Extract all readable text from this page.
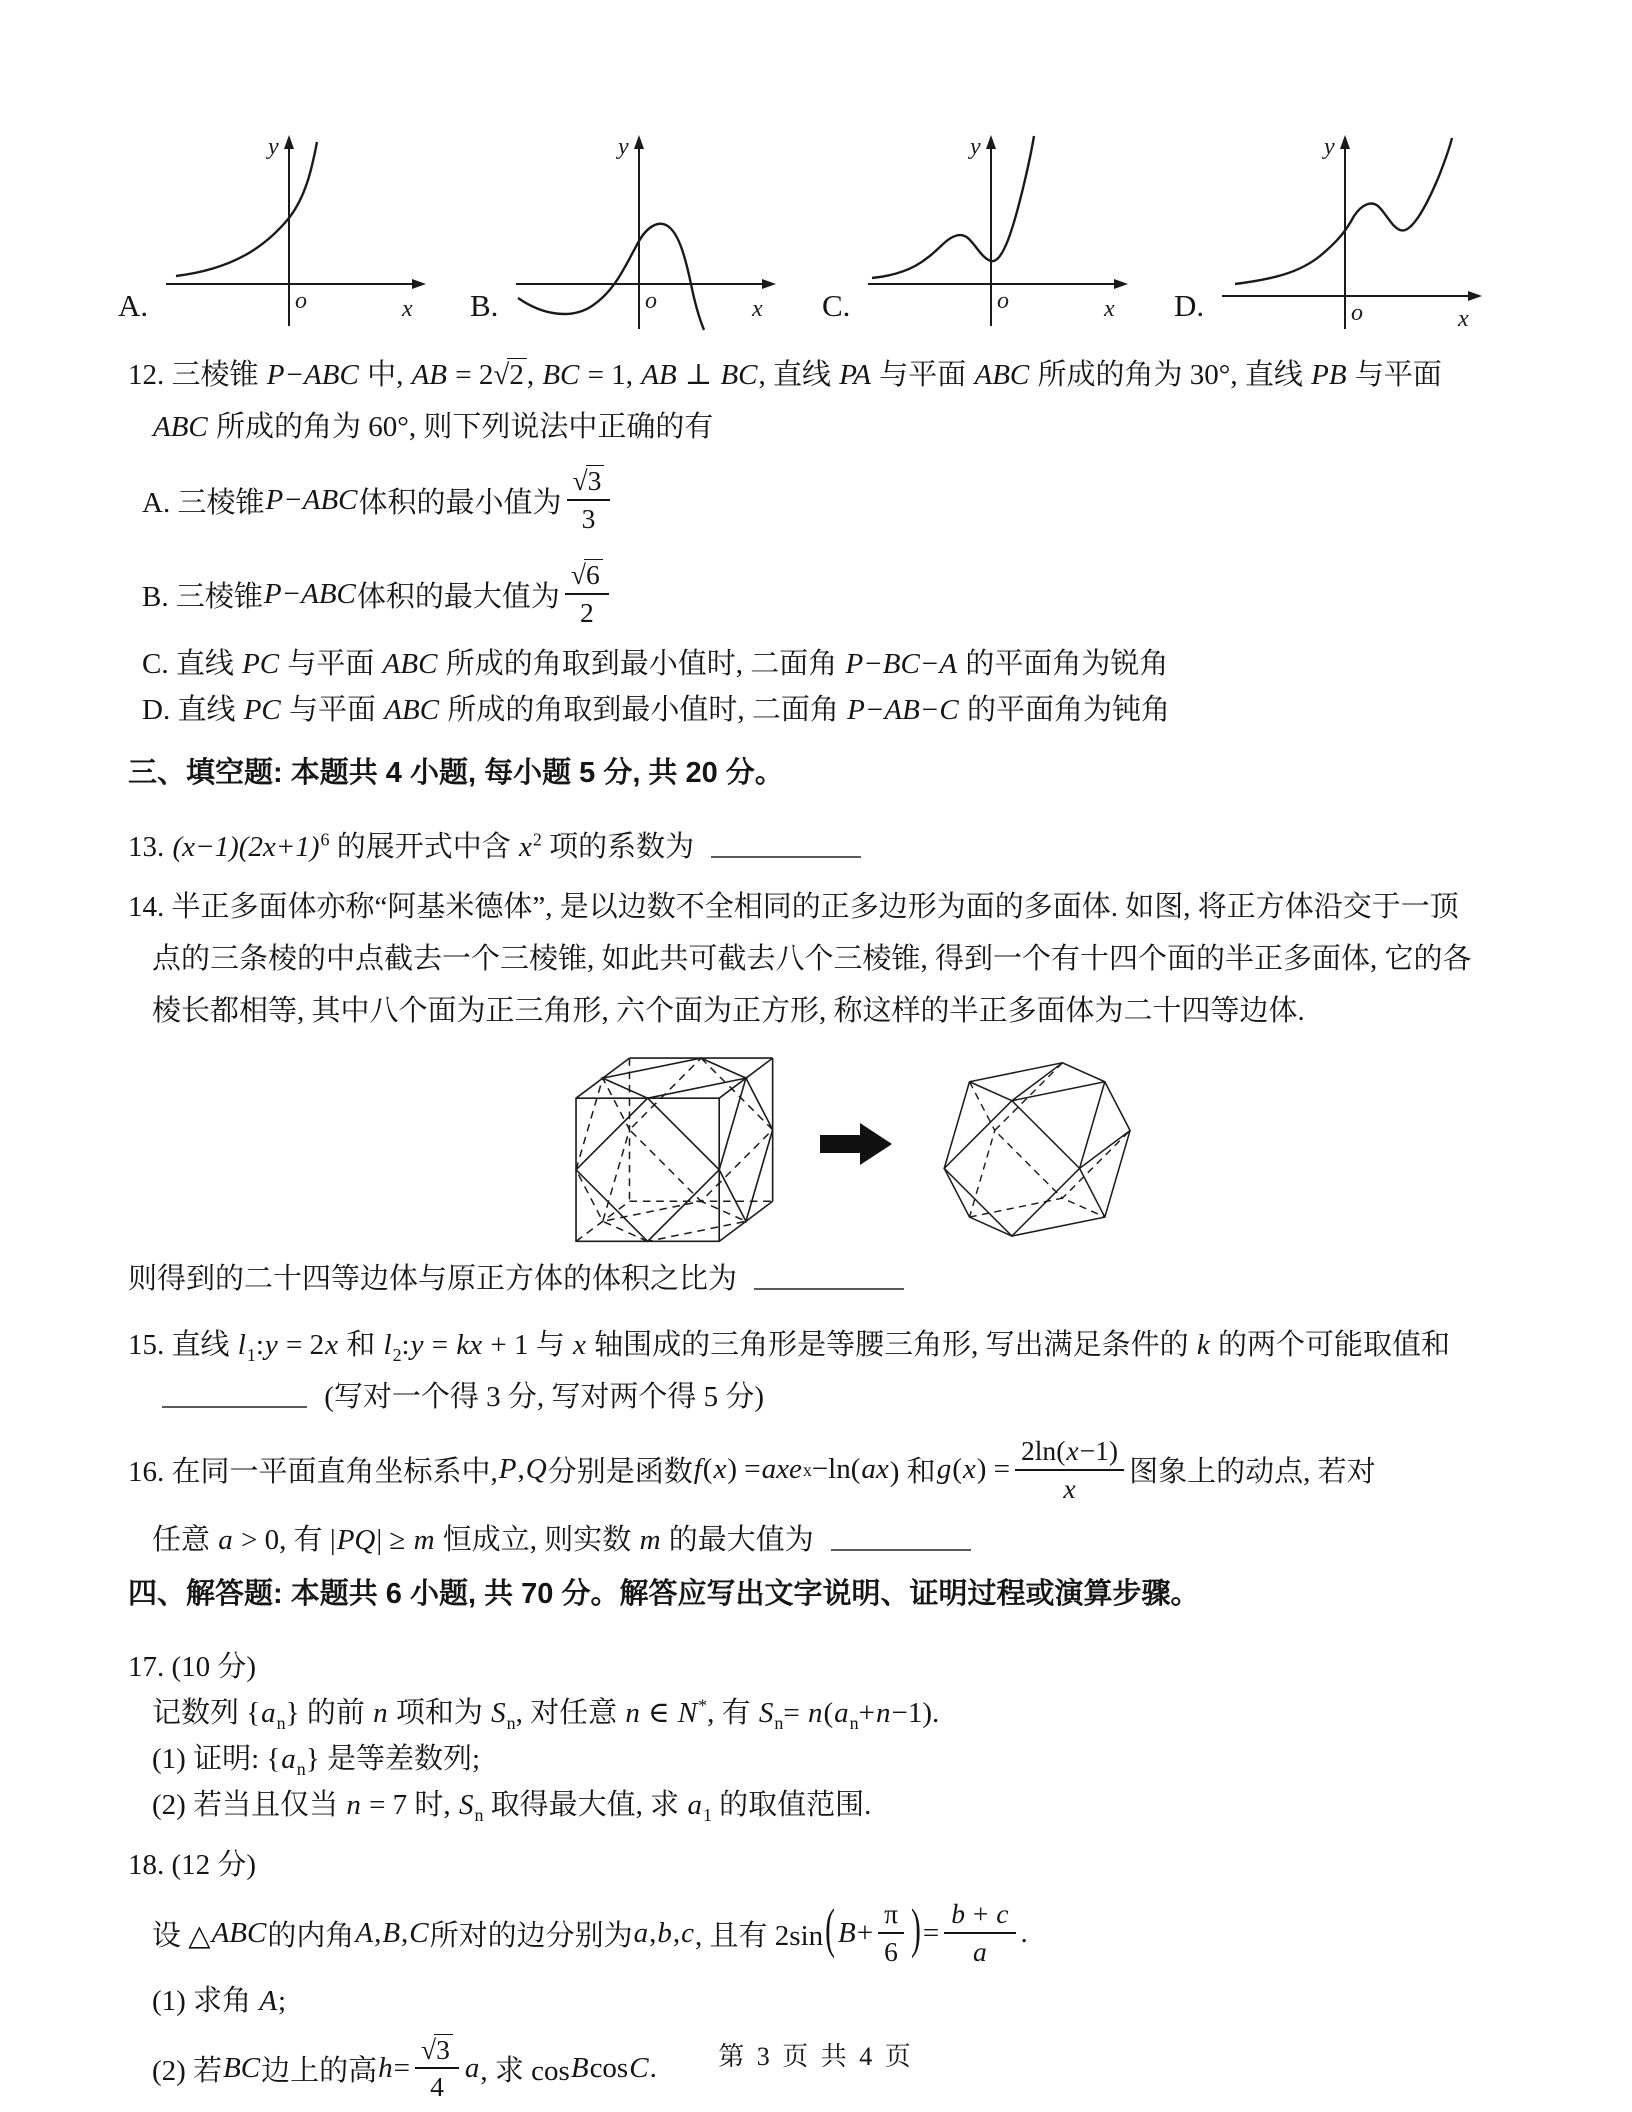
A.
y
x
o	B.
y
x
o	C.
y
x
o	D.
y
x
o
12. 三棱锥 P−ABC 中, AB = 2√2 , BC = 1, AB ⊥ BC, 直线 PA 与平面 ABC 所成的角为 30°, 直线 PB 与平面
ABC 所成的角为 60°, 则下列说法中正确的有
A. 三棱锥 P−ABC 体积的最小值为 $\frac{√3}{3}$
B. 三棱锥 P−ABC 体积的最大值为 $\frac{√6}{2}$
C. 直线 PC 与平面 ABC 所成的角取到最小值时, 二面角 P−BC−A 的平面角为锐角
D. 直线 PC 与平面 ABC 所成的角取到最小值时, 二面角 P−AB−C 的平面角为钝角
三、填空题: 本题共 4 小题, 每小题 5 分, 共 20 分。
13. $(x-1)(2x+1)^6$ 的展开式中含 $x^2$ 项的系数为
14. 半正多面体亦称“阿基米德体”, 是以边数不全相同的正多边形为面的多面体. 如图, 将正方体沿交于一顶
点的三条棱的中点截去一个三棱锥, 如此共可截去八个三棱锥, 得到一个有十四个面的半正多面体, 它的各
棱长都相等, 其中八个面为正三角形, 六个面为正方形, 称这样的半正多面体为二十四等边体.
则得到的二十四等边体与原正方体的体积之比为
15. 直线 $l_1:y = 2x$ 和 $l_2:y$ = kx + 1 与 x 轴围成的三角形是等腰三角形, 写出满足条件的 k 的两个可能取值和
(写对一个得 3 分, 写对两个得 5 分)
16. 在同一平面直角坐标系中, P , Q 分别是函数 f ( x ) = axe x −ln( ax ) 和 g ( x ) = $\frac{2\ln(x-1)}{x}$ 图象上的动点, 若对
任意 a > 0, 有 |PQ| ≥ m 恒成立, 则实数 m 的最大值为
四、解答题: 本题共 6 小题, 共 70 分。解答应写出文字说明、证明过程或演算步骤。
17. (10 分)
记数列 $\{a_n\}$ 的前 n 项和为 $S_n$, 对任意 n ∈ N*, 有 $S_n= n(a_n+n-1)$.
(1) 证明: $\{a_n\}$ 是等差数列;
(2) 若当且仅当 n = 7 时, $S_n$ 取得最大值, 求 $a_1$ 的取值范围.
18. (12 分)
设 △ ABC 的内角 A , B , C 所对的边分别为 a , b , c , 且有 2sin ( $B + \frac{\pi}{6}$ ) = $\frac{b + c}{a}$ .
(1) 求角 A;
(2) 若 BC 边上的高 $h = \frac{√3}{4}$ a , 求 cos B cos C .	第 3 页 共 4 页
